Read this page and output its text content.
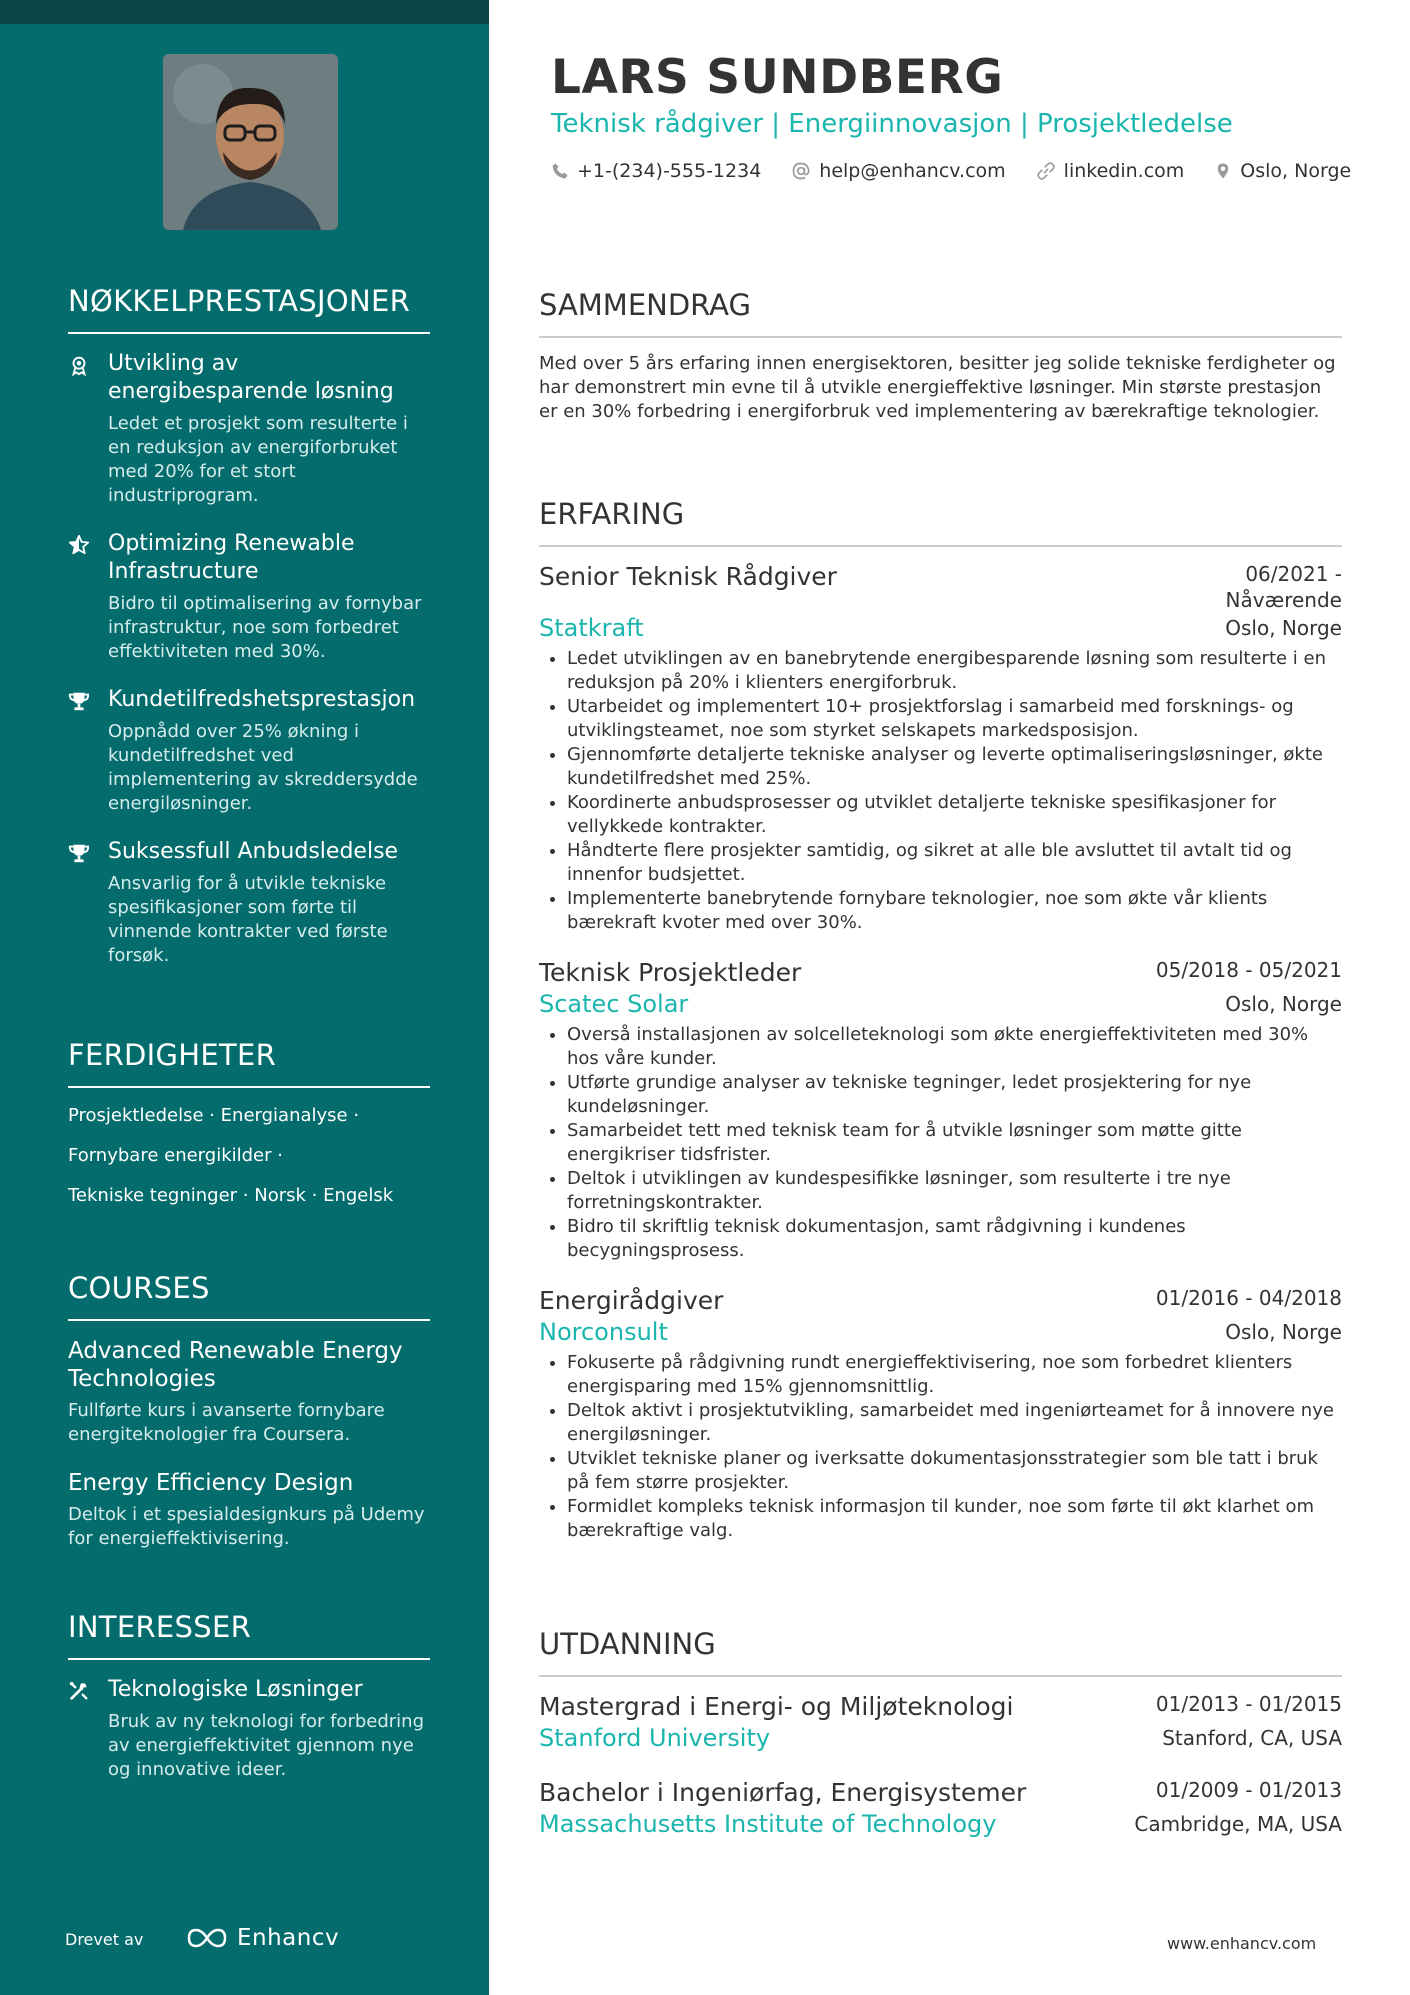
NØKKELPRESTASJONER
Utvikling av energibesparende løsning
Ledet et prosjekt som resulterte i en reduksjon av energiforbruket med 20% for et stort industriprogram.
Optimizing Renewable Infrastructure
Bidro til optimalisering av fornybar infrastruktur, noe som forbedret effektiviteten med 30%.
Kundetilfredshetsprestasjon
Oppnådd over 25% økning i kundetilfredshet ved implementering av skreddersydde energiløsninger.
Suksessfull Anbudsledelse
Ansvarlig for å utvikle tekniske spesifikasjoner som førte til vinnende kontrakter ved første forsøk.
FERDIGHETER
Prosjektledelse · Energianalyse ·
Fornybare energikilder ·
Tekniske tegninger · Norsk · Engelsk
COURSES
Advanced Renewable Energy Technologies
Fullførte kurs i avanserte fornybare energiteknologier fra Coursera.
Energy Efficiency Design
Deltok i et spesialdesignkurs på Udemy for energieffektivisering.
INTERESSER
Teknologiske Løsninger
Bruk av ny teknologi for forbedring av energieffektivitet gjennom nye og innovative ideer.
Drevet av	Enhancv
LARS SUNDBERG
Teknisk rådgiver | Energiinnovasjon | Prosjektledelse
+1-(234)-555-1234	help@enhancv.com	linkedin.com	Oslo, Norge
SAMMENDRAG
Med over 5 års erfaring innen energisektoren, besitter jeg solide tekniske ferdigheter og har demonstrert min evne til å utvikle energieffektive løsninger. Min største prestasjon er en 30% forbedring i energiforbruk ved implementering av bærekraftige teknologier.
ERFARING
Senior Teknisk Rådgiver	06/2021 - Nåværende
Statkraft	Oslo, Norge
• Ledet utviklingen av en banebrytende energibesparende løsning som resulterte i en reduksjon på 20% i klienters energiforbruk.
• Utarbeidet og implementert 10+ prosjektforslag i samarbeid med forsknings- og utviklingsteamet, noe som styrket selskapets markedsposisjon.
• Gjennomførte detaljerte tekniske analyser og leverte optimaliseringsløsninger, økte kundetilfredshet med 25%.
• Koordinerte anbudsprosesser og utviklet detaljerte tekniske spesifikasjoner for vellykkede kontrakter.
• Håndterte flere prosjekter samtidig, og sikret at alle ble avsluttet til avtalt tid og innenfor budsjettet.
• Implementerte banebrytende fornybare teknologier, noe som økte vår klients bærekraft kvoter med over 30%.
Teknisk Prosjektleder	05/2018 - 05/2021
Scatec Solar	Oslo, Norge
• Overså installasjonen av solcelleteknologi som økte energieffektiviteten med 30% hos våre kunder.
• Utførte grundige analyser av tekniske tegninger, ledet prosjektering for nye kundeløsninger.
• Samarbeidet tett med teknisk team for å utvikle løsninger som møtte gitte energikriser tidsfrister.
• Deltok i utviklingen av kundespesifikke løsninger, som resulterte i tre nye forretningskontrakter.
• Bidro til skriftlig teknisk dokumentasjon, samt rådgivning i kundenes becygningsprosess.
Energirådgiver	01/2016 - 04/2018
Norconsult	Oslo, Norge
• Fokuserte på rådgivning rundt energieffektivisering, noe som forbedret klienters energisparing med 15% gjennomsnittlig.
• Deltok aktivt i prosjektutvikling, samarbeidet med ingeniørteamet for å innovere nye energiløsninger.
• Utviklet tekniske planer og iverksatte dokumentasjonsstrategier som ble tatt i bruk på fem større prosjekter.
• Formidlet kompleks teknisk informasjon til kunder, noe som førte til økt klarhet om bærekraftige valg.
UTDANNING
Mastergrad i Energi- og Miljøteknologi	01/2013 - 01/2015
Stanford University	Stanford, CA, USA
Bachelor i Ingeniørfag, Energisystemer	01/2009 - 01/2013
Massachusetts Institute of Technology	Cambridge, MA, USA
www.enhancv.com
